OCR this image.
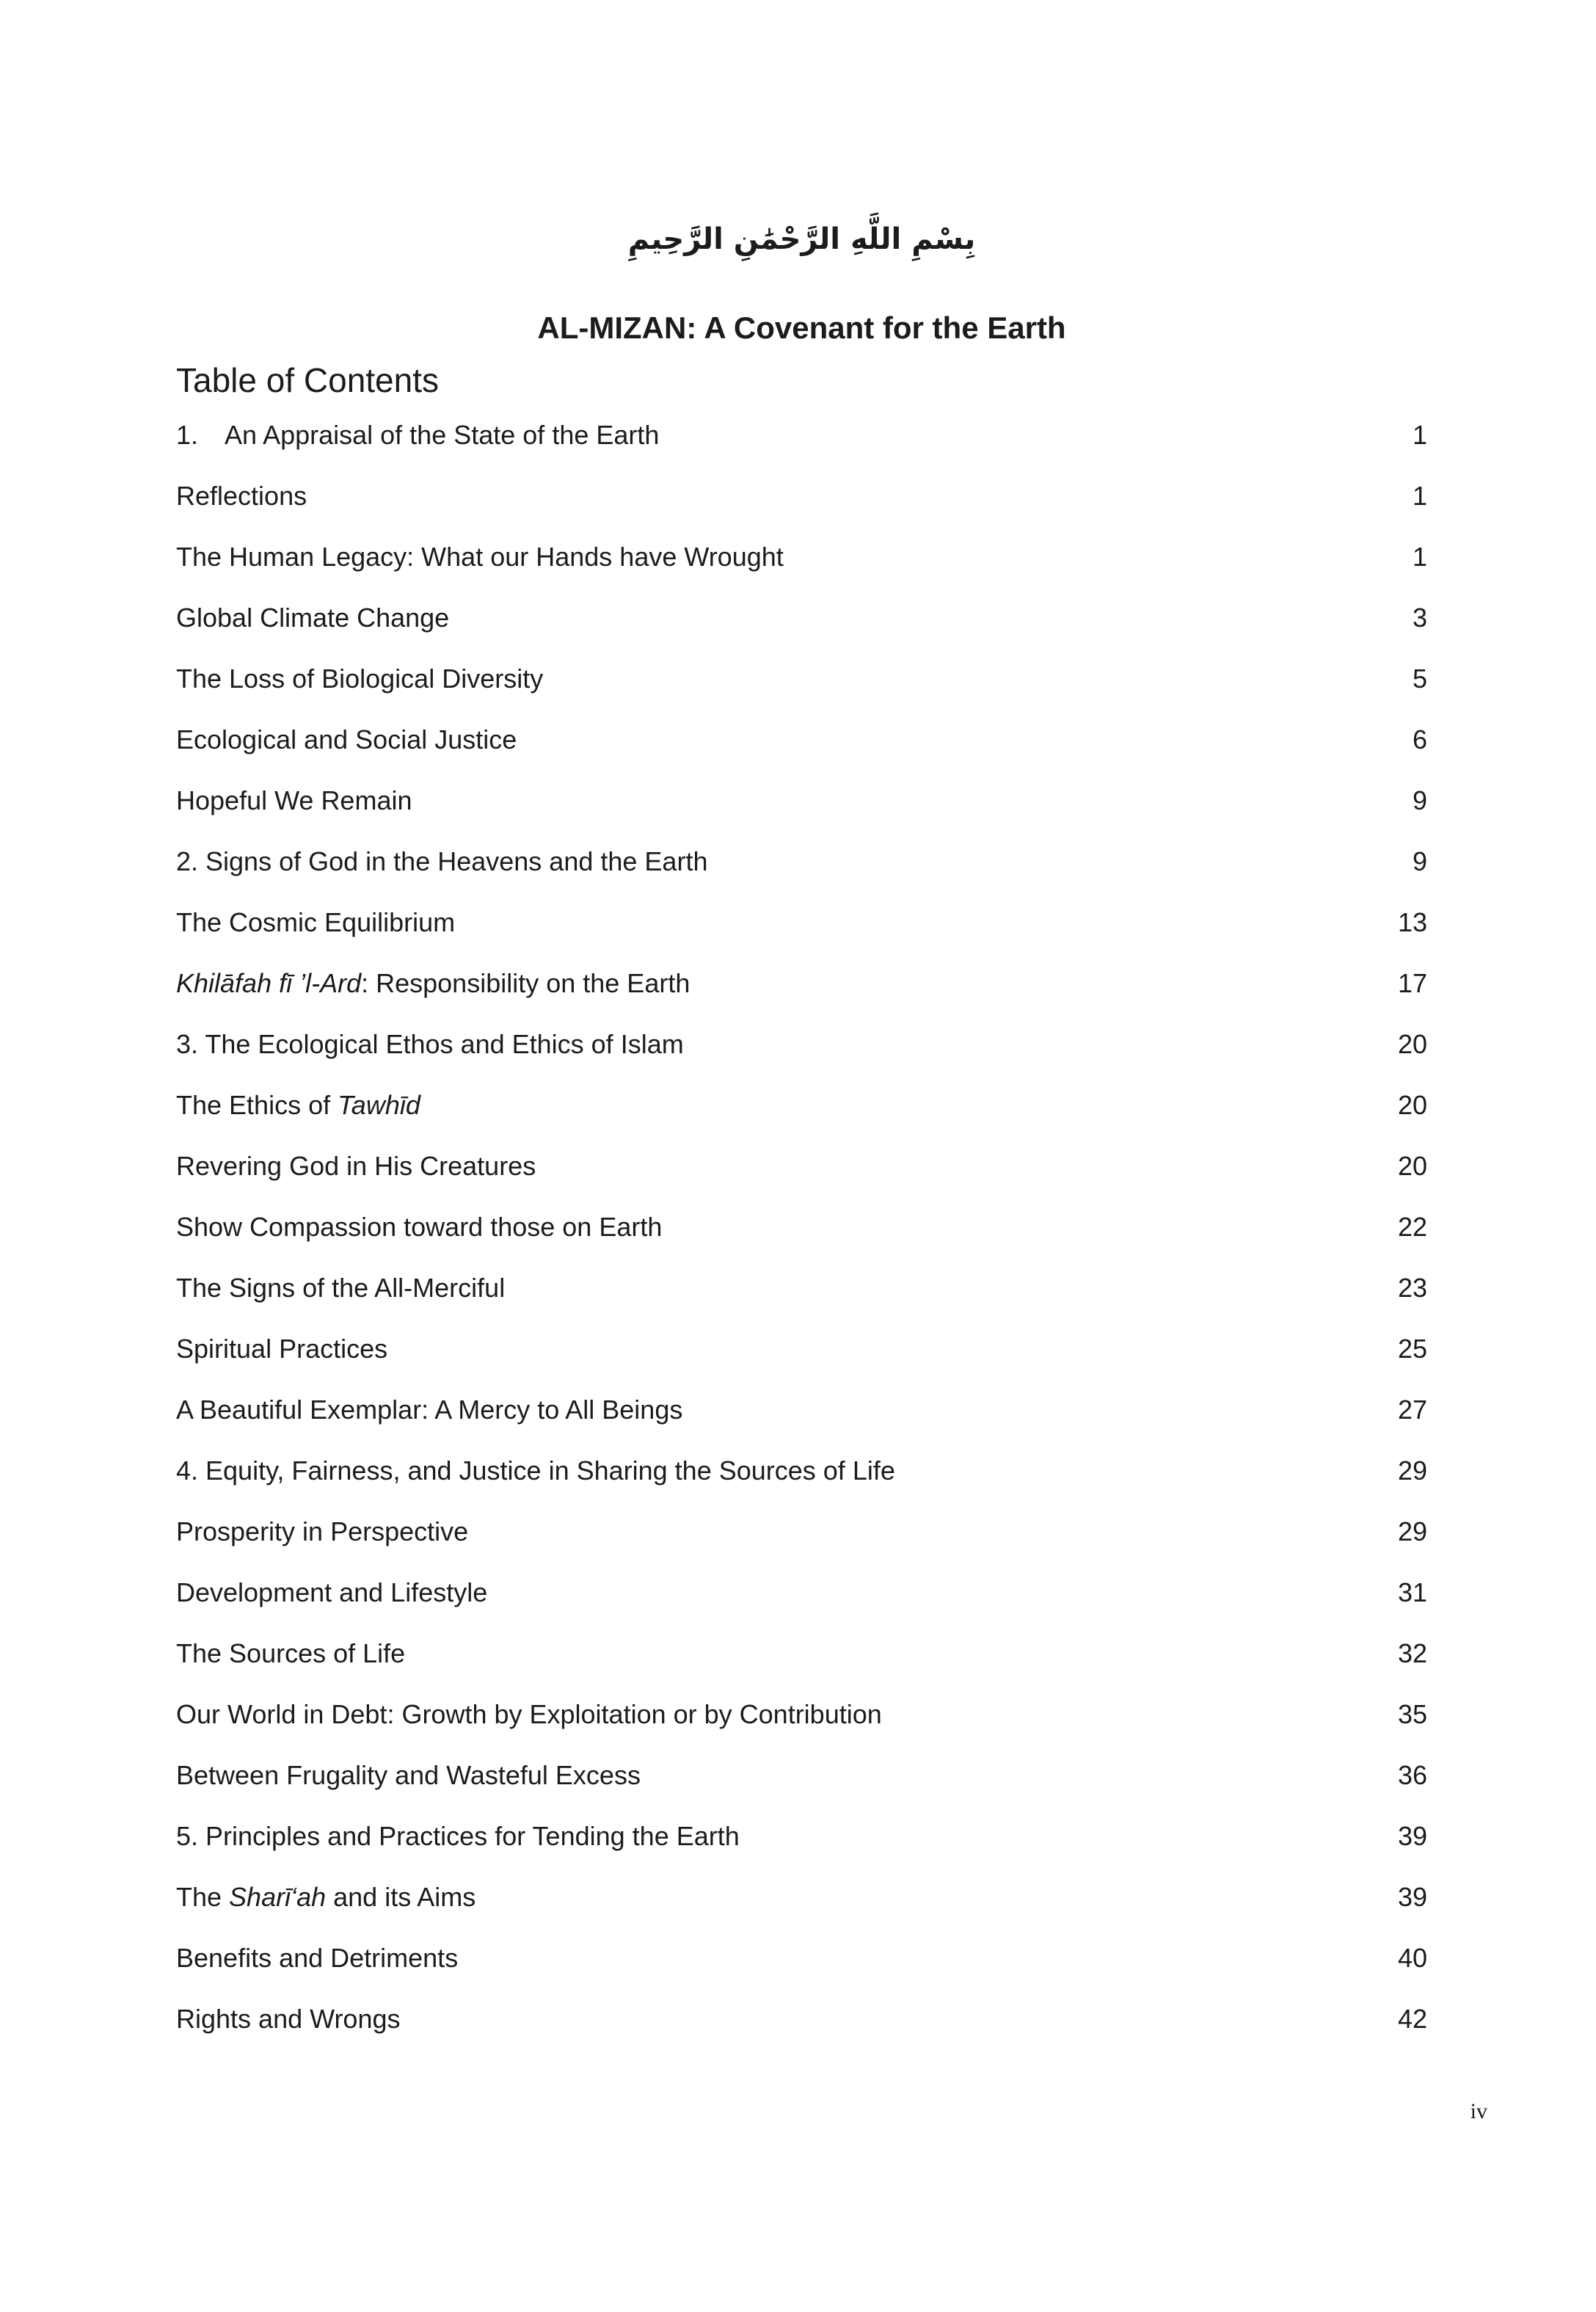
بِسْمِ اللَّهِ الرَّحْمَٰنِ الرَّحِيمِ
AL-MIZAN: A Covenant for the Earth
Table of Contents
1. An Appraisal of the State of the Earth	1
Reflections	1
The Human Legacy: What our Hands have Wrought	1
Global Climate Change	3
The Loss of Biological Diversity	5
Ecological and Social Justice	6
Hopeful We Remain	9
2. Signs of God in the Heavens and the Earth	9
The Cosmic Equilibrium	13
Khilāfah fī ’l-Ard: Responsibility on the Earth	17
3. The Ecological Ethos and Ethics of Islam	20
The Ethics of Tawhīd	20
Revering God in His Creatures	20
Show Compassion toward those on Earth	22
The Signs of the All-Merciful	23
Spiritual Practices	25
A Beautiful Exemplar: A Mercy to All Beings	27
4. Equity, Fairness, and Justice in Sharing the Sources of Life	29
Prosperity in Perspective	29
Development and Lifestyle	31
The Sources of Life	32
Our World in Debt: Growth by Exploitation or by Contribution	35
Between Frugality and Wasteful Excess	36
5. Principles and Practices for Tending the Earth	39
The Sharī‘ah and its Aims	39
Benefits and Detriments	40
Rights and Wrongs	42
iv
